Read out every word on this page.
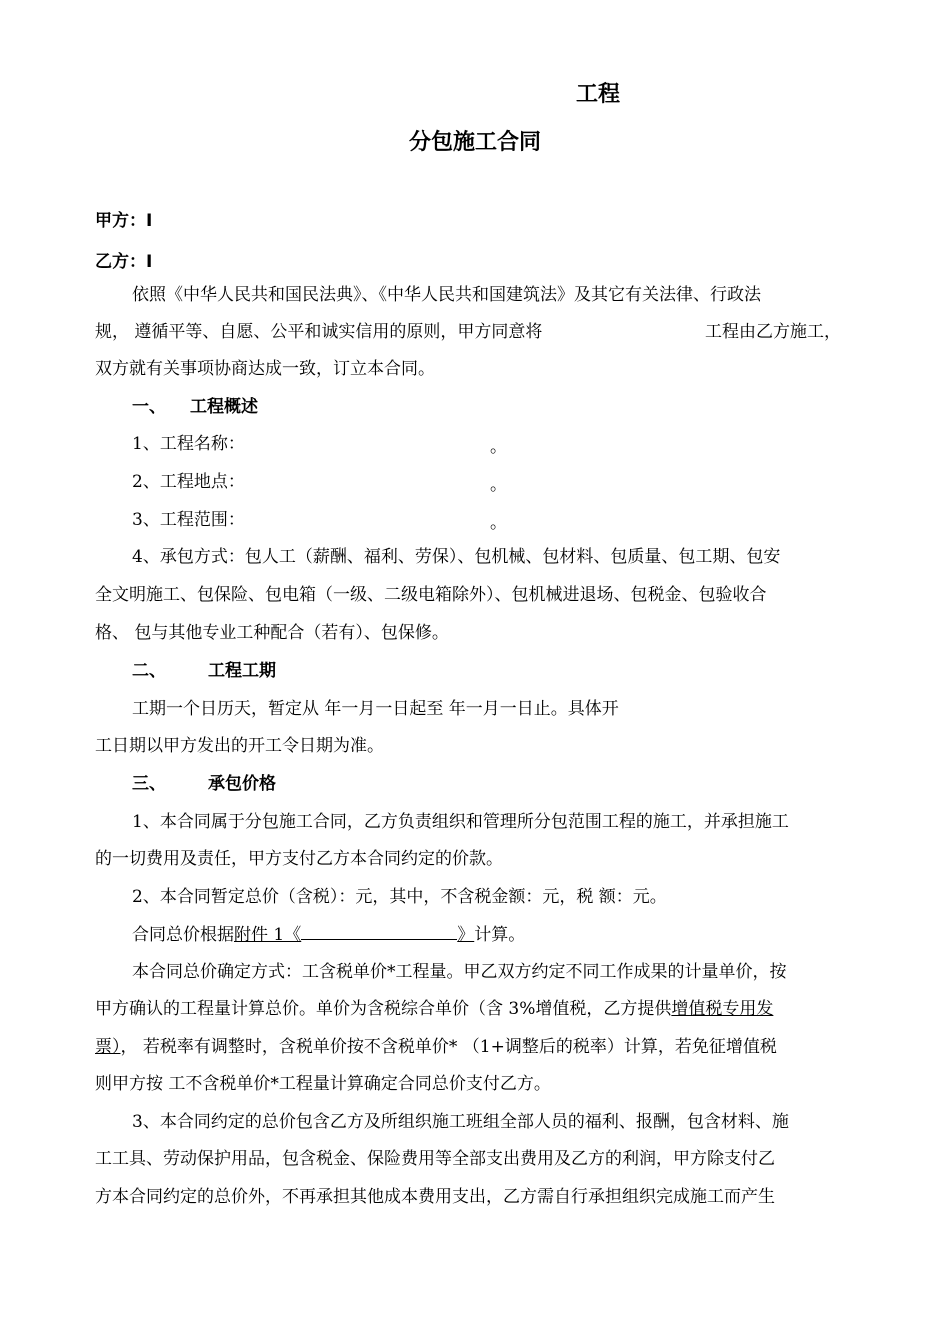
工程
分包施工合同
甲方：I
乙方：I
依照《中华人民共和国民法典》、《中华人民共和国建筑法》及其它有关法律、行政法
规， 遵循平等、自愿、公平和诚实信用的原则，甲方同意将	工程由乙方施工，
双方就有关事项协商达成一致，订立本合同。
一、 工程概述
1、工程名称：	。
2、工程地点：	。
3、工程范围：	。
4、承包方式：包人工（薪酬、福利、劳保）、包机械、包材料、包质量、包工期、包安
全文明施工、包保险、包电箱（一级、二级电箱除外）、包机械进退场、包税金、包验收合
格、 包与其他专业工种配合（若有）、包保修。
二、 工程工期
工期一个日历天，暂定从 年一月一日起至 年一月一日止。具体开
工日期以甲方发出的开工令日期为准。
三、 承包价格
1、本合同属于分包施工合同，乙方负责组织和管理所分包范围工程的施工，并承担施工
的一切费用及责任，甲方支付乙方本合同约定的价款。
2、本合同暂定总价（含税）：元，其中，不含税金额：元，税 额：元。
合同总价根据附件 1《	》计算。
本合同总价确定方式：工含税单价*工程量。甲乙双方约定不同工作成果的计量单价，按
甲方确认的工程量计算总价。单价为含税综合单价（含 3%增值税，乙方提供增值税专用发
票）， 若税率有调整时，含税单价按不含税单价* （1+调整后的税率）计算，若免征增值税
则甲方按 工不含税单价*工程量计算确定合同总价支付乙方。
3、本合同约定的总价包含乙方及所组织施工班组全部人员的福利、报酬，包含材料、施
工工具、劳动保护用品，包含税金、保险费用等全部支出费用及乙方的利润，甲方除支付乙
方本合同约定的总价外，不再承担其他成本费用支出，乙方需自行承担组织完成施工而产生
